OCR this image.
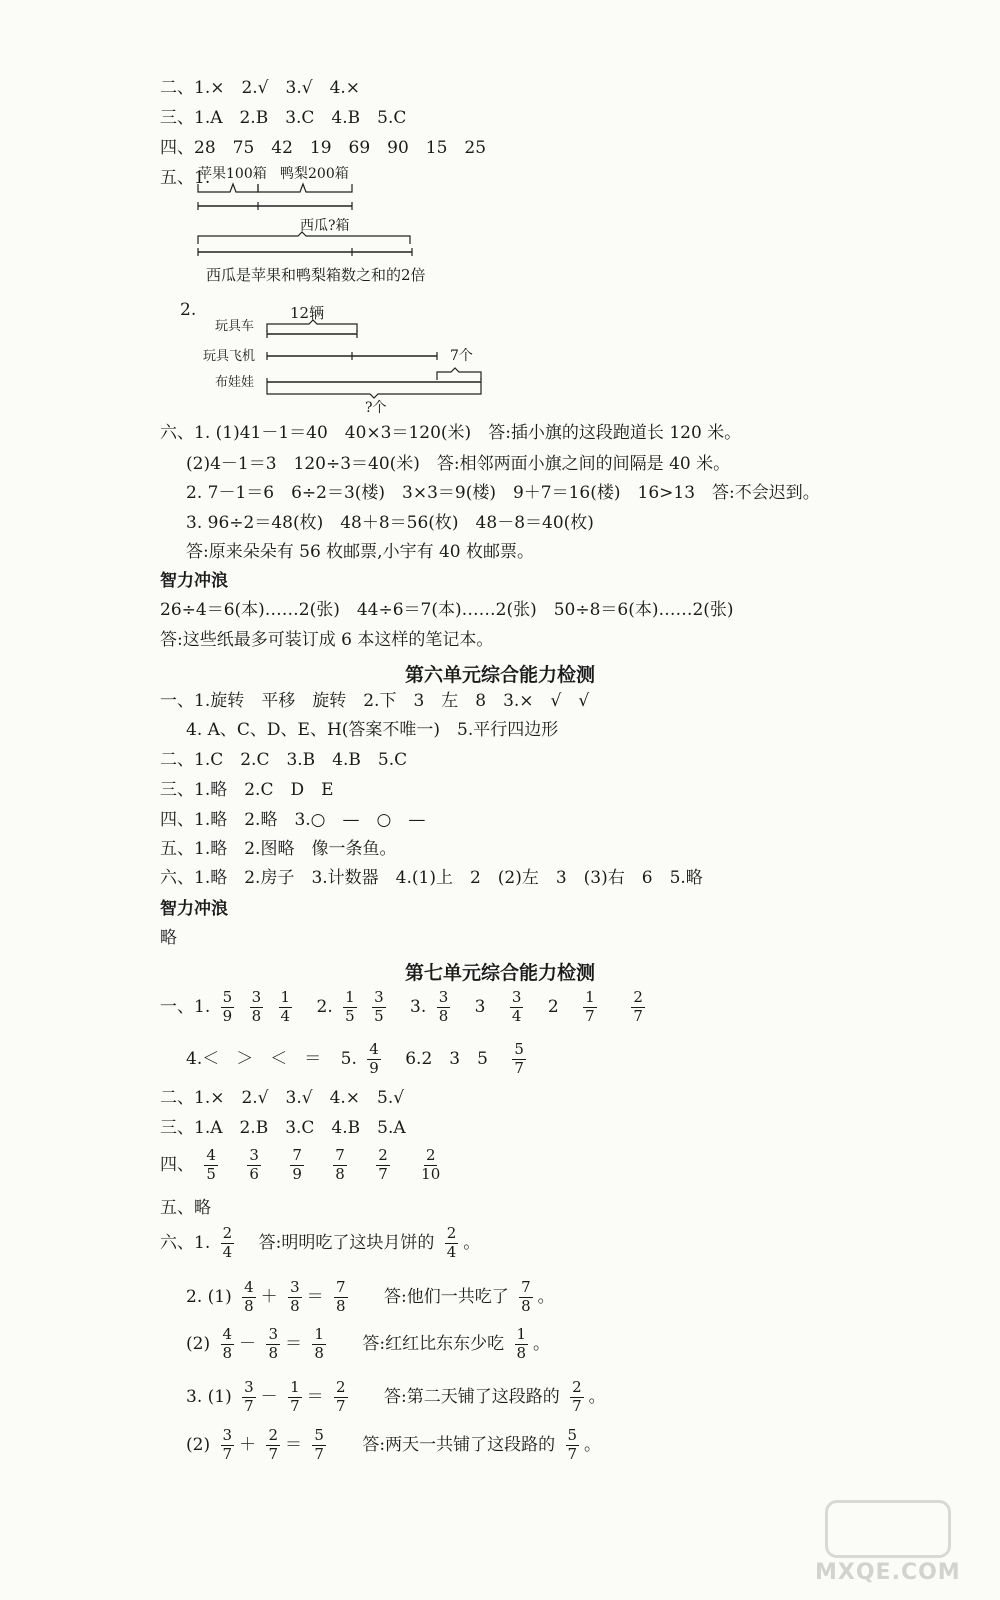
二、1.×　2.√　3.√　4.×
三、1.A　2.B　3.C　4.B　5.C
四、28　75　42　19　69　90　15　25
五、1.
苹果100箱 鸭梨200箱
西瓜?箱
西瓜是苹果和鸭梨箱数之和的2倍
2.	12辆
玩具车
玩具飞机	7个
布娃娃
?个
六、1. (1)41－1＝40　40×3＝120(米)　答:插小旗的这段跑道长 120 米。
(2)4－1＝3　120÷3＝40(米)　答:相邻两面小旗之间的间隔是 40 米。
2. 7－1＝6　6÷2＝3(楼)　3×3＝9(楼)　9＋7＝16(楼)　16>13　答:不会迟到。
3. 96÷2＝48(枚)　48＋8＝56(枚)　48－8＝40(枚)
答:原来朵朵有 56 枚邮票,小宇有 40 枚邮票。
智力冲浪
26÷4＝6(本)……2(张)　44÷6＝7(本)……2(张)　50÷8＝6(本)……2(张)
答:这些纸最多可装订成 6 本这样的笔记本。
第六单元综合能力检测
一、1.旋转　平移　旋转　2.下　3　左　8　3.×　√　√
4. A、C、D、E、H(答案不唯一)　5.平行四边形
二、1.C　2.C　3.B　4.B　5.C
三、1.略　2.C　D　E
四、1.略　2.略　3.○　—　○　—
五、1.略　2.图略　像一条鱼。
六、1.略　2.房子　3.计数器　4.(1)上　2　(2)左　3　(3)右　6　5.略
智力冲浪
略
第七单元综合能力检测
一、1. $\frac{5}{9}$
$\frac{3}{8}$
$\frac{1}{4} 2$. $\frac{1}{5}$
$\frac{3}{5} 3$. $\frac{3}{8} 3 \frac{3}{4} 2 \frac{1}{7}$
$\frac{2}{7}$
4.＜　＞　＜　＝ 5. $\frac{4}{9} 6.2$　3　$5 \frac{5}{7}$
二、1.×　2.√　3.√　4.×　5.√
三、1.A　2.B　3.C　4.B　5.A
四、 $\frac{4}{5}$
$\frac{3}{6}$
$\frac{7}{9}$
$\frac{7}{8}$
$\frac{2}{7}$
$\frac{2}{10}$
五、略
六、1. $\frac{2}{4}$ 答:明明吃了这块月饼的 $\frac{2}{4}$ 。
2. $(1) \frac{4}{8} + \frac{3}{8} = \frac{7}{8}$ 答:他们一共吃了 $\frac{7}{8}$ 。
$(2) \frac{4}{8} - \frac{3}{8} = \frac{1}{8}$ 答:红红比东东少吃 $\frac{1}{8}$ 。
3. $(1) \frac{3}{7} - \frac{1}{7} = \frac{2}{7}$ 答:第二天铺了这段路的 $\frac{2}{7}$ 。
$(2) \frac{3}{7} + \frac{2}{7} = \frac{5}{7}$ 答:两天一共铺了这段路的 $\frac{5}{7}$ 。
MXQE.COM
